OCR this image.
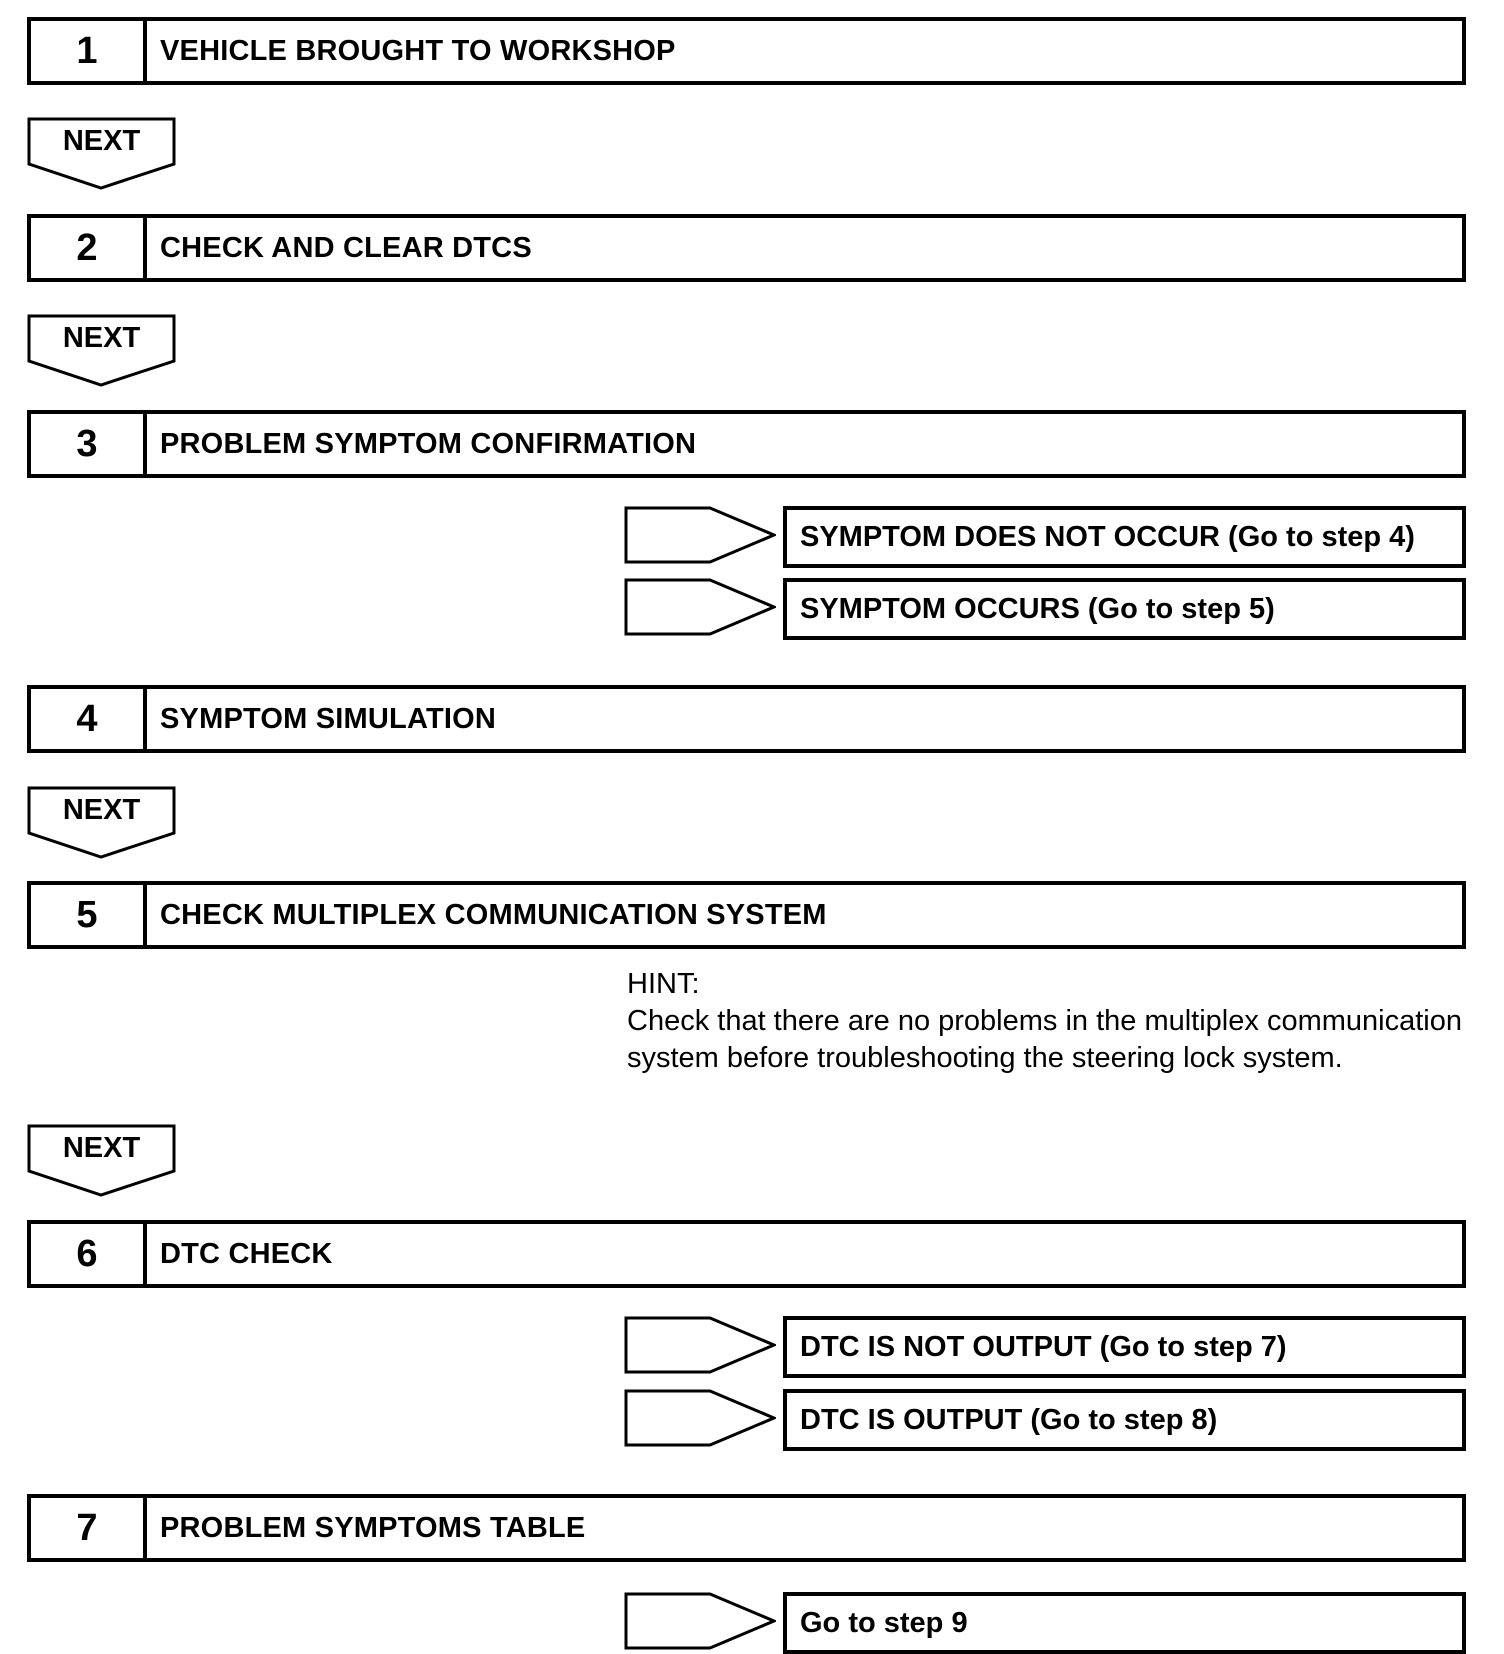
1	VEHICLE BROUGHT TO WORKSHOP
NEXT
2	CHECK AND CLEAR DTCS
NEXT
3	PROBLEM SYMPTOM CONFIRMATION
SYMPTOM DOES NOT OCCUR (Go to step 4)
SYMPTOM OCCURS (Go to step 5)
4	SYMPTOM SIMULATION
NEXT
5	CHECK MULTIPLEX COMMUNICATION SYSTEM
HINT:
Check that there are no problems in the multiplex communication system before troubleshooting the steering lock system.
NEXT
6	DTC CHECK
DTC IS NOT OUTPUT (Go to step 7)
DTC IS OUTPUT (Go to step 8)
7	PROBLEM SYMPTOMS TABLE
Go to step 9
